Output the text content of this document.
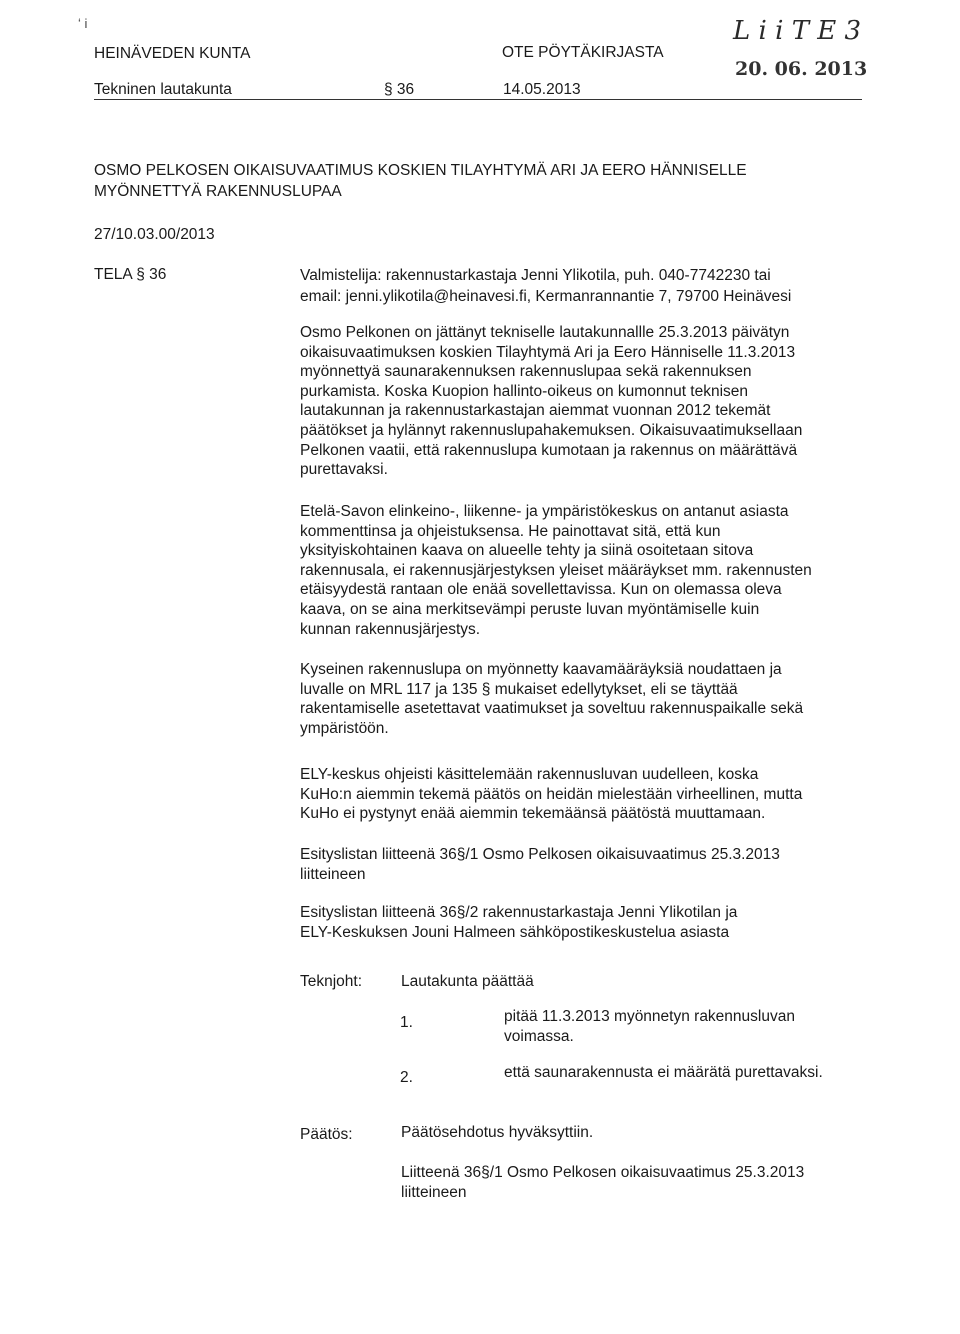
ʻ i
HEINÄVEDEN KUNTA	OTE PÖYTÄKIRJASTA
L i i T E 3
20. 06. 2013
Tekninen lautakunta	§ 36	14.05.2013
OSMO PELKOSEN OIKAISUVAATIMUS KOSKIEN TILAYHTYMÄ ARI JA EERO HÄNNISELLE
MYÖNNETTYÄ RAKENNUSLUPAA
27/10.03.00/2013
TELA § 36	Valmistelija: rakennustarkastaja Jenni Ylikotila, puh. 040-7742230 tai

email: jenni.ylikotila@heinavesi.fi, Kermanrannantie 7, 79700 Heinävesi

Osmo Pelkonen on jättänyt tekniselle lautakunnallle 25.3.2013 päivätyn

oikaisuvaatimuksen koskien Tilayhtymä Ari ja Eero Hänniselle 11.3.2013

myönnettyä saunarakennuksen rakennuslupaa sekä rakennuksen

purkamista. Koska Kuopion hallinto-oikeus on kumonnut teknisen

lautakunnan ja rakennustarkastajan aiemmat vuonnan 2012 tekemät

päätökset ja hylännyt rakennuslupahakemuksen. Oikaisuvaatimuksellaan

Pelkonen vaatii, että rakennuslupa kumotaan ja rakennus on määrättävä

purettavaksi.

Etelä-Savon elinkeino-, liikenne- ja ympäristökeskus on antanut asiasta

kommenttinsa ja ohjeistuksensa. He painottavat sitä, että kun

yksityiskohtainen kaava on alueelle tehty ja siinä osoitetaan sitova

rakennusala, ei rakennusjärjestyksen yleiset määräykset mm. rakennusten

etäisyydestä rantaan ole enää sovellettavissa. Kun on olemassa oleva

kaava, on se aina merkitsevämpi peruste luvan myöntämiselle kuin

kunnan rakennusjärjestys.

Kyseinen rakennuslupa on myönnetty kaavamääräyksiä noudattaen ja

luvalle on MRL 117 ja 135 § mukaiset edellytykset, eli se täyttää

rakentamiselle asetettavat vaatimukset ja soveltuu rakennuspaikalle sekä

ympäristöön.

ELY-keskus ohjeisti käsittelemään rakennusluvan uudelleen, koska

KuHo:n aiemmin tekemä päätös on heidän mielestään virheellinen, mutta

KuHo ei pystynyt enää aiemmin tekemäänsä päätöstä muuttamaan.

Esityslistan liitteenä 36§/1 Osmo Pelkosen oikaisuvaatimus 25.3.2013

liitteineen

Esityslistan liitteenä 36§/2 rakennustarkastaja Jenni Ylikotilan ja

ELY-Keskuksen Jouni Halmeen sähköpostikeskustelua asiasta

Teknjoht:	Lautakunta päättää
1.	pitää 11.3.2013 myönnetyn rakennusluvan
voimassa.
2.	että saunarakennusta ei määrätä purettavaksi.
Päätös:	Päätösehdotus hyväksyttiin.
Liitteenä 36§/1 Osmo Pelkosen oikaisuvaatimus 25.3.2013
liitteineen
